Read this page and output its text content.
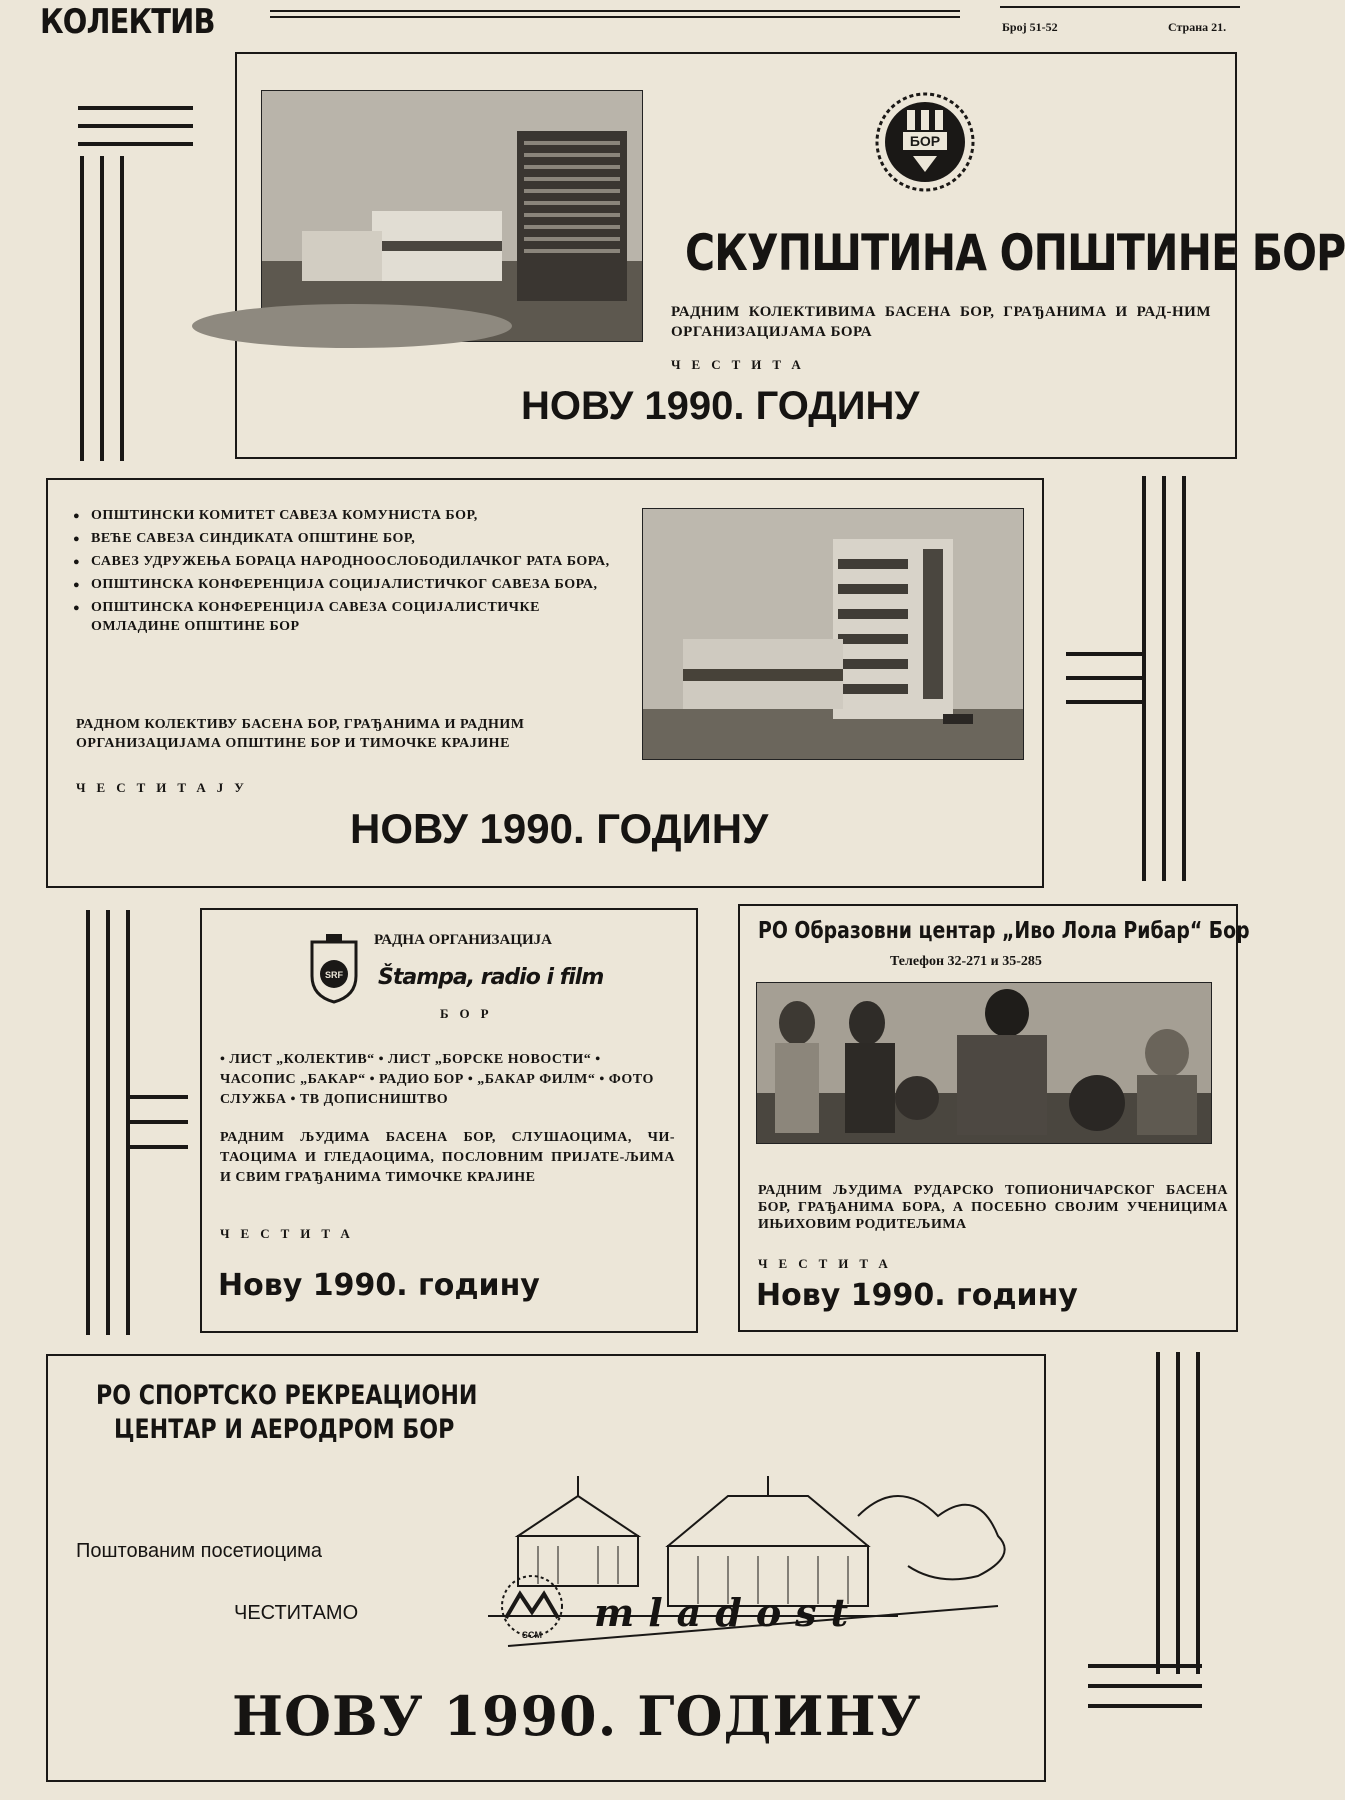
КОЛЕКТИВ	Број 51-52	Страна 21.
БОР
СКУПШТИНА ОПШТИНЕ БОР
РАДНИМ КОЛЕКТИВИМА БАСЕНА БОР, ГРАЂАНИМА И РАД-НИМ ОРГАНИЗАЦИЈАМА БОРА
ЧЕСТИТА
НОВУ 1990. ГОДИНУ
● ОПШТИНСКИ КОМИТЕТ САВЕЗА КОМУНИСТА БОР,
● ВЕЋЕ САВЕЗА СИНДИКАТА ОПШТИНЕ БОР,
● САВЕЗ УДРУЖЕЊА БОРАЦА НАРОДНООСЛОБОДИЛАЧКОГ РАТА БОРА,
● ОПШТИНСКА КОНФЕРЕНЦИЈА СОЦИЈАЛИСТИЧКОГ САВЕЗА БОРА,
● ОПШТИНСКА КОНФЕРЕНЦИЈА САВЕЗА СОЦИЈАЛИСТИЧКЕ ОМЛАДИНЕ ОПШТИНЕ БОР
РАДНОМ КОЛЕКТИВУ БАСЕНА БОР, ГРАЂАНИМА И РАДНИМ ОРГАНИЗАЦИЈАМА ОПШТИНЕ БОР И ТИМОЧКЕ КРАЈИНЕ
ЧЕСТИТАЈУ
НОВУ 1990. ГОДИНУ
SRF
РАДНА ОРГАНИЗАЦИЈА
Štampa, radio i film
БОР
• ЛИСТ „КОЛЕКТИВ“ • ЛИСТ „БОРСКЕ НОВОСТИ“ • ЧАСОПИС „БАКАР“ • РАДИО БОР • „БАКАР ФИЛМ“ • ФОТО СЛУЖБА • ТВ ДОПИСНИШТВО
РАДНИМ ЉУДИМА БАСЕНА БОР, СЛУШАОЦИМА, ЧИ-ТАОЦИМА И ГЛЕДАОЦИМА, ПОСЛОВНИМ ПРИЈАТЕ-ЉИМА И СВИМ ГРАЂАНИМА ТИМОЧКЕ КРАЈИНЕ
ЧЕСТИТА
Нову 1990. годину
РО Образовни центар „Иво Лола Рибар“ Бор
Телефон 32-271 и 35-285
РАДНИМ ЉУДИМА РУДАРСКО ТОПИОНИЧАРСКОГ БАСЕНА БОР, ГРАЂАНИМА БОРА, А ПОСЕБНО СВОЈИМ УЧЕНИЦИМА ИЊИХОВИМ РОДИТЕЉИМА
ЧЕСТИТА
Нову 1990. годину
РО СПОРТСКО РЕКРЕАЦИОНИ
ЦЕНТАР И АЕРОДРОМ БОР
Поштованим посетиоцима
ЧЕСТИТАМО
SCM mladost
НОВУ 1990. ГОДИНУ
